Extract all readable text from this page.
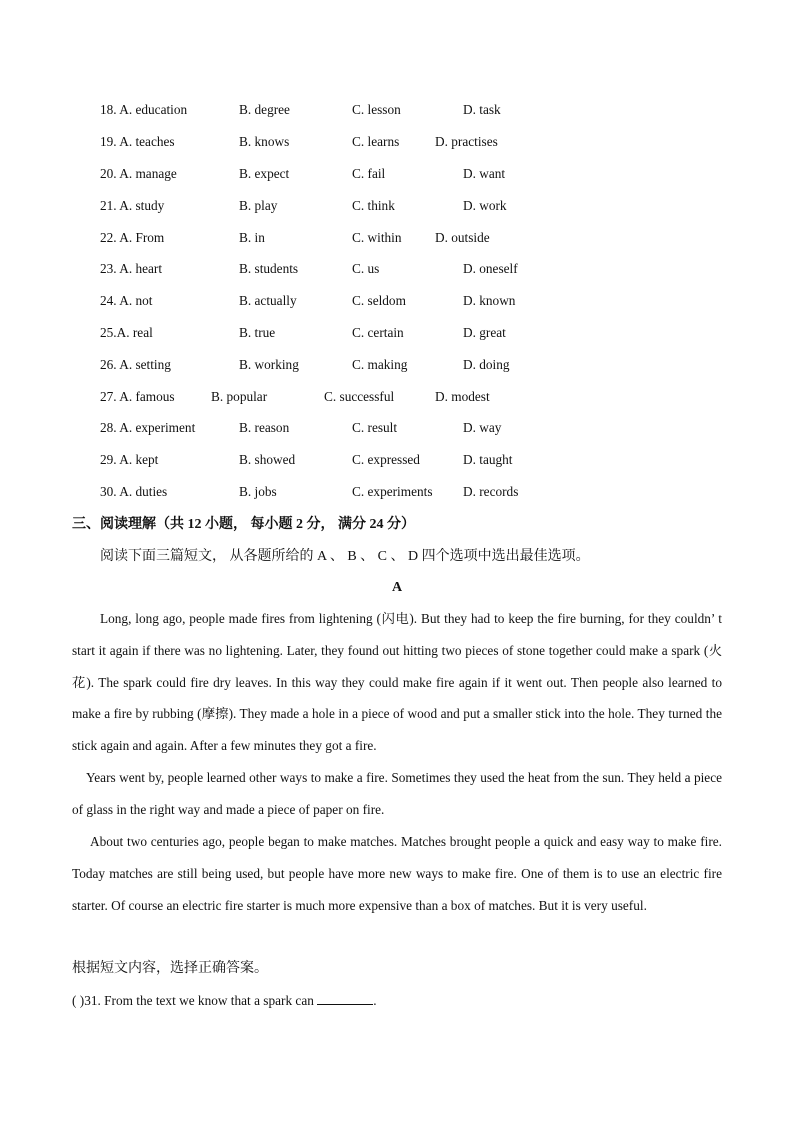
18. A. education	B. degree	C. lesson	D. task
19. A. teaches	B. knows	C. learns	D. practises
20. A. manage	B. expect	C. fail	D. want
21. A. study	B. play	C. think	D. work
22. A. From	B. in	C. within	D. outside
23. A. heart	B. students	C. us	D. oneself
24. A. not	B. actually	C. seldom	D. known
25.A. real	B. true	C. certain	D. great
26. A. setting	B. working	C. making	D. doing
27. A. famous	B. popular	C. successful	D. modest
28. A. experiment	B. reason	C. result	D. way
29. A. kept	B. showed	C. expressed	D. taught
30. A. duties	B. jobs	C. experiments D. records
三、阅读理解（共 12 小题， 每小题 2 分， 满分 24 分）
阅读下面三篇短文， 从各题所给的 A 、 B 、 C 、 D 四个选项中选出最佳选项。
A

Long, long ago, people made fires from lightening (闪电). But they had to keep the fire burning, for they couldn’ t start it again if there was no lightening. Later, they found out hitting two pieces of stone together could make a spark (火花). The spark could fire dry leaves. In this way they could make fire again if it went out. Then people also learned to make a fire by rubbing (摩擦). They made a hole in a piece of wood and put a smaller stick into the hole. They turned the stick again and again. After a few minutes they got a fire.

Years went by, people learned other ways to make a fire. Sometimes they used the heat from the sun. They held a piece of glass in the right way and made a piece of paper on fire.

About two centuries ago, people began to make matches. Matches brought people a quick and easy way to make fire. Today matches are still being used, but people have more new ways to make fire. One of them is to use an electric fire starter. Of course an electric fire starter is much more expensive than a box of matches. But it is very useful.

根据短文内容，选择正确答案。
( )31. From the text we know that a spark can	.
